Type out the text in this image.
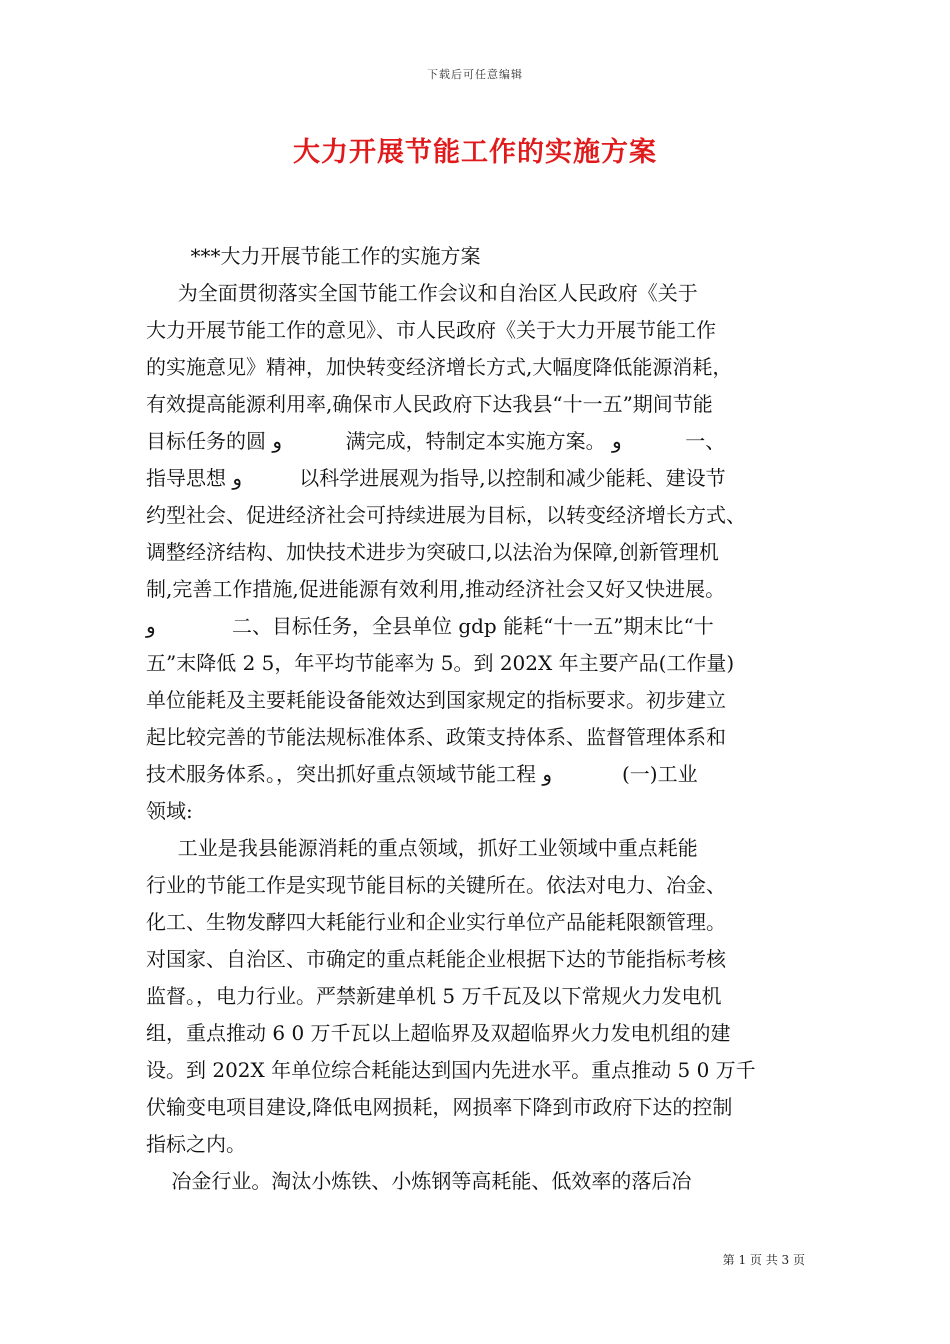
下载后可任意编辑
大力开展节能工作的实施方案
***大力开展节能工作的实施方案
为全面贯彻落实全国节能工作会议和自治区人民政府《关于
大力开展节能工作的意见》、市人民政府《关于大力开展节能工作
的实施意见》精神，加快转变经济增长方式,大幅度降低能源消耗，
有效提高能源利用率,确保市人民政府下达我县“十一五”期间节能
目标任务的圆 و          满完成，特制定本实施方案。 و          一、
指导思想 و         以科学进展观为指导,以控制和减少能耗、建设节
约型社会、促进经济社会可持续进展为目标，以转变经济增长方式、
调整经济结构、加快技术进步为突破口,以法治为保障,创新管理机
制,完善工作措施,促进能源有效利用,推动经济社会又好又快进展。
و            二、目标任务，全县单位 gdp 能耗“十一五”期末比“十
五”末降低 2 5，年平均节能率为 5。到 202X 年主要产品(工作量)
单位能耗及主要耗能设备能效达到国家规定的指标要求。初步建立
起比较完善的节能法规标准体系、政策支持体系、监督管理体系和
技术服务体系。，突出抓好重点领域节能工程 و           (一)工业
领域:
工业是我县能源消耗的重点领域，抓好工业领域中重点耗能
行业的节能工作是实现节能目标的关键所在。依法对电力、冶金、
化工、生物发酵四大耗能行业和企业实行单位产品能耗限额管理。
对国家、自治区、市确定的重点耗能企业根据下达的节能指标考核
监督。，电力行业。严禁新建单机 5 万千瓦及以下常规火力发电机
组，重点推动 6 0 万千瓦以上超临界及双超临界火力发电机组的建
设。到 202X 年单位综合耗能达到国内先进水平。重点推动 5 0 万千
伏输变电项目建设,降低电网损耗，网损率下降到市政府下达的控制
指标之内。
冶金行业。淘汰小炼铁、小炼钢等高耗能、低效率的落后冶
第 1 页 共 3 页
